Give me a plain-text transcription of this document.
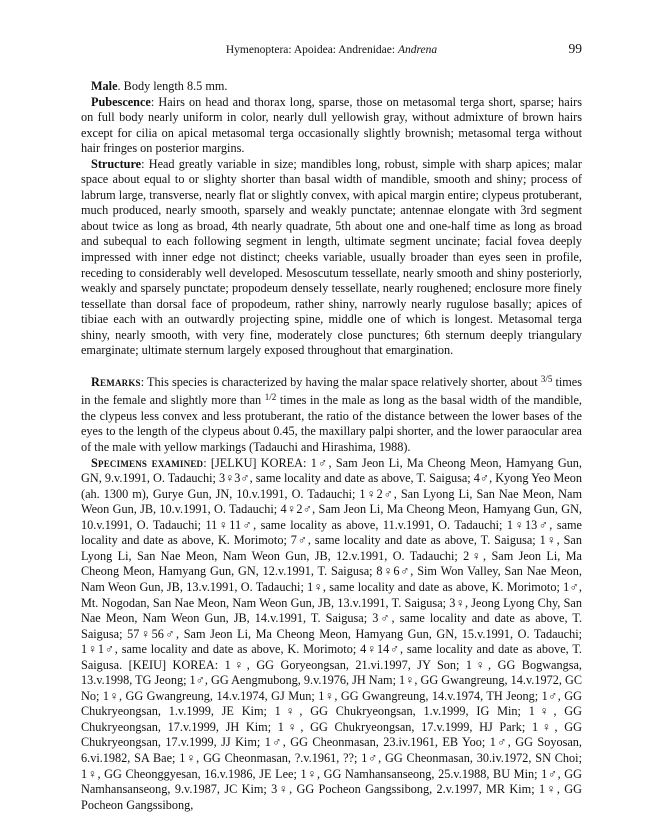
Hymenoptera: Apoidea: Andrenidae: Andrena	99

Male. Body length 8.5 mm.

Pubescence: Hairs on head and thorax long, sparse, those on metasomal terga short, sparse; hairs on full body nearly uniform in color, nearly dull yellowish gray, without admixture of brown hairs except for cilia on apical metasomal terga occasionally slightly brownish; metasomal terga without hair fringes on posterior margins.

Structure: Head greatly variable in size; mandibles long, robust, simple with sharp apices; malar space about equal to or slighty shorter than basal width of mandible, smooth and shiny; process of labrum large, transverse, nearly flat or slightly convex, with apical margin entire; clypeus protuberant, much produced, nearly smooth, sparsely and weakly punctate; antennae elongate with 3rd segment about twice as long as broad, 4th nearly quadrate, 5th about one and one-half time as long as broad and subequal to each following segment in length, ultimate segment uncinate; facial fovea deeply impressed with inner edge not distinct; cheeks variable, usually broader than eyes seen in profile, receding to considerably well developed. Mesoscutum tessellate, nearly smooth and shiny posteriorly, weakly and sparsely punctate; propodeum densely tessellate, nearly roughened; enclosure more finely tessellate than dorsal face of propodeum, rather shiny, narrowly nearly rugulose basally; apices of tibiae each with an outwardly projecting spine, middle one of which is longest. Metasomal terga shiny, nearly smooth, with very fine, moderately close punctures; 6th sternum deeply triangulary emarginate; ultimate sternum largely exposed throughout that emargination.

Remarks: This species is characterized by having the malar space relatively shorter, about $^{3/5}$ times in the female and slightly more than $^{1/2}$ times in the male as long as the basal width of the mandible, the clypeus less convex and less protuberant, the ratio of the distance between the lower bases of the eyes to the length of the clypeus about 0.45, the maxillary palpi shorter, and the lower paraocular area of the male with yellow markings (Tadauchi and Hirashima, 1988).

Specimens examined: [JELKU] KOREA: 1♂, Sam Jeon Li, Ma Cheong Meon, Hamyang Gun, GN, 9.v.1991, O. Tadauchi; 3♀3♂, same locality and date as above, T. Saigusa; 4♂, Kyong Yeo Meon (ah. 1300 m), Gurye Gun, JN, 10.v.1991, O. Tadauchi; 1♀2♂, San Lyong Li, San Nae Meon, Nam Weon Gun, JB, 10.v.1991, O. Tadauchi; 4♀2♂, Sam Jeon Li, Ma Cheong Meon, Hamyang Gun, GN, 10.v.1991, O. Tadauchi; 11♀11♂, same locality as above, 11.v.1991, O. Tadauchi; 1♀13♂, same locality and date as above, K. Morimoto; 7♂, same locality and date as above, T. Saigusa; 1♀, San Lyong Li, San Nae Meon, Nam Weon Gun, JB, 12.v.1991, O. Tadauchi; 2♀, Sam Jeon Li, Ma Cheong Meon, Hamyang Gun, GN, 12.v.1991, T. Saigusa; 8♀6♂, Sim Won Valley, San Nae Meon, Nam Weon Gun, JB, 13.v.1991, O. Tadauchi; 1♀, same locality and date as above, K. Morimoto; 1♂, Mt. Nogodan, San Nae Meon, Nam Weon Gun, JB, 13.v.1991, T. Saigusa; 3♀, Jeong Lyong Chy, San Nae Meon, Nam Weon Gun, JB, 14.v.1991, T. Saigusa; 3♂, same locality and date as above, T. Saigusa; 57♀56♂, Sam Jeon Li, Ma Cheong Meon, Hamyang Gun, GN, 15.v.1991, O. Tadauchi; 1♀1♂, same locality and date as above, K. Morimoto; 4♀14♂, same locality and date as above, T. Saigusa. [KEIU] KOREA: 1♀, GG Goryeongsan, 21.vi.1997, JY Son; 1♀, GG Bogwangsa, 13.v.1998, TG Jeong; 1♂, GG Aengmubong, 9.v.1976, JH Nam; 1♀, GG Gwangreung, 14.v.1972, GC No; 1♀, GG Gwangreung, 14.v.1974, GJ Mun; 1♀, GG Gwangreung, 14.v.1974, TH Jeong; 1♂, GG Chukryeongsan, 1.v.1999, JE Kim; 1♀, GG Chukryeongsan, 1.v.1999, IG Min; 1♀, GG Chukryeongsan, 17.v.1999, JH Kim; 1♀, GG Chukryeongsan, 17.v.1999, HJ Park; 1♀, GG Chukryeongsan, 17.v.1999, JJ Kim; 1♂, GG Cheonmasan, 23.iv.1961, EB Yoo; 1♂, GG Soyosan, 6.vi.1982, SA Bae; 1♀, GG Cheonmasan, ?.v.1961, ??; 1♂, GG Cheonmasan, 30.iv.1972, SN Choi; 1♀, GG Cheonggyesan, 16.v.1986, JE Lee; 1♀, GG Namhansanseong, 25.v.1988, BU Min; 1♂, GG Namhansanseong, 9.v.1987, JC Kim; 3♀, GG Pocheon Gangssibong, 2.v.1997, MR Kim; 1♀, GG Pocheon Gangssibong,
